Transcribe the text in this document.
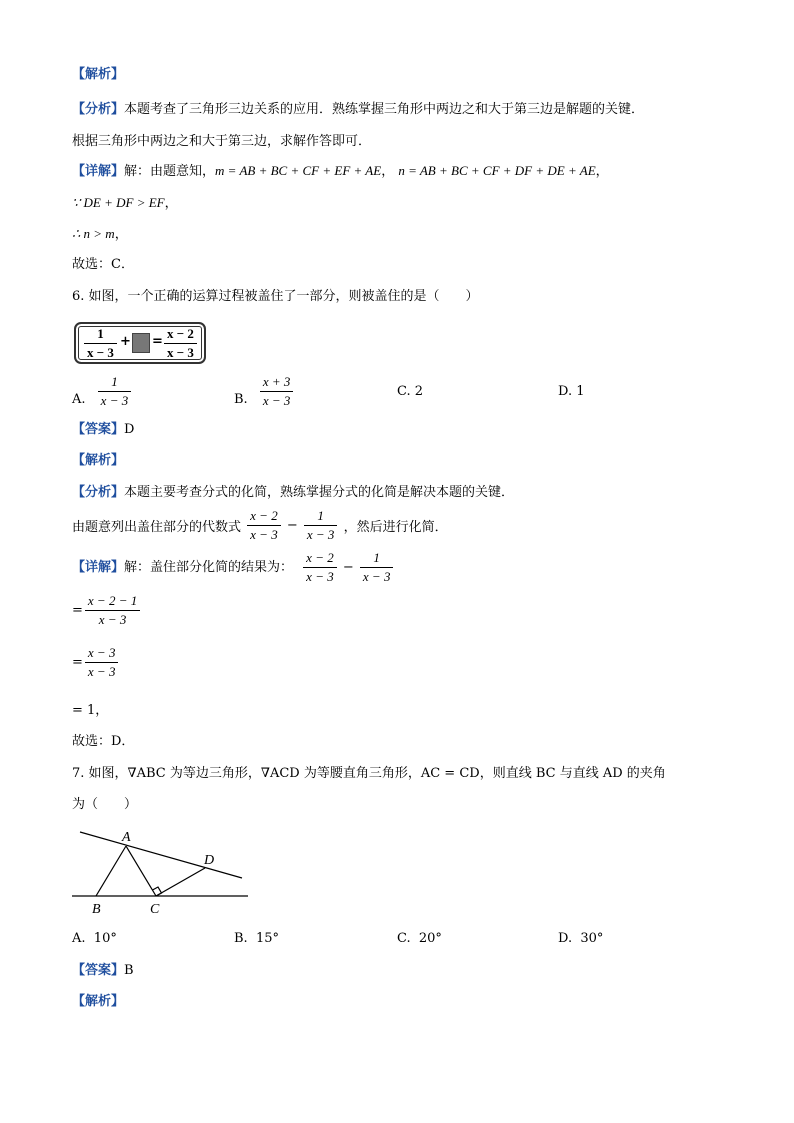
【解析】
【分析】本题考查了三角形三边关系的应用．熟练掌握三角形中两边之和大于第三边是解题的关键．
根据三角形中两边之和大于第三边，求解作答即可．
【详解】解：由题意知，m = AB + BC + CF + EF + AE， n = AB + BC + CF + DF + DE + AE，
∵ DE + DF > EF，
∴ n > m，
故选：C．
6. 如图，一个正确的运算过程被盖住了一部分，则被盖住的是（　　）
$\frac{1}{x - 3}$ + = $\frac{x - 2}{x - 3}$
A. $\frac{1}{x - 3}$	B. $\frac{x + 3}{x - 3}$	C. 2	D. 1
【答案】D
【解析】
【分析】本题主要考查分式的化简，熟练掌握分式的化简是解决本题的关键．
由题意列出盖住部分的代数式 $\frac{x - 2}{x - 3} - \frac{1}{x - 3}$ ，然后进行化简．
【详解】解：盖住部分化简的结果为： $\frac{x - 2}{x - 3} - \frac{1}{x - 3}$
= $\frac{x - 2 - 1}{x - 3}$
= $\frac{x - 3}{x - 3}$
= 1，
故选：D．
7. 如图，∇ABC 为等边三角形，∇ACD 为等腰直角三角形，AC = CD，则直线 BC 与直线 AD 的夹角
为（　　）
A
B	C
D
A. 10°	B. 15°	C. 20°	D. 30°
【答案】B
【解析】
